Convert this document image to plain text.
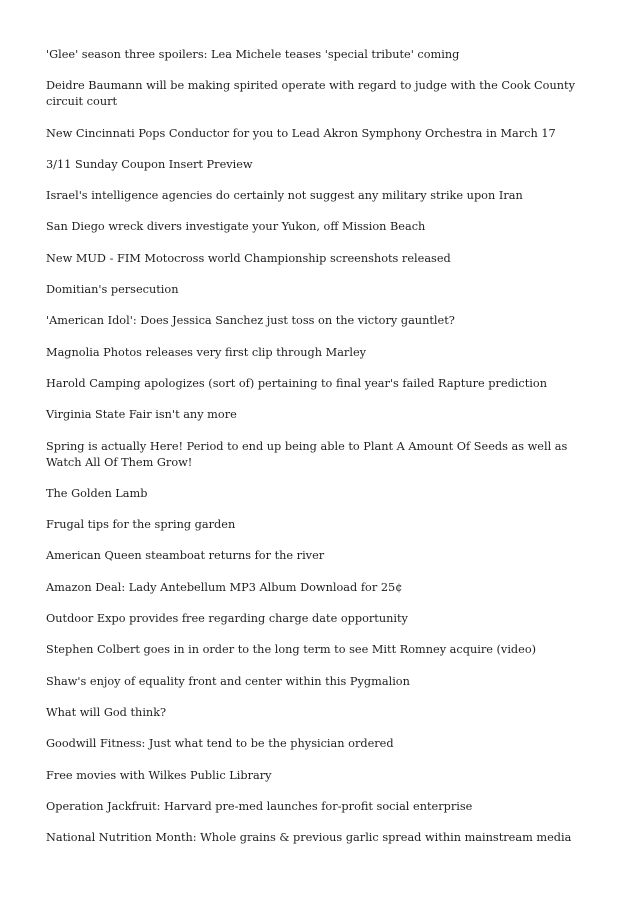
'Glee' season three spoilers: Lea Michele teases 'special tribute' coming
Deidre Baumann will be making spirited operate with regard to judge with the Cook County circuit court
New Cincinnati Pops Conductor for you to Lead Akron Symphony Orchestra in March 17
3/11 Sunday Coupon Insert Preview
Israel's intelligence agencies do certainly not suggest any military strike upon Iran
San Diego wreck divers investigate your Yukon, off Mission Beach
New MUD - FIM Motocross world Championship screenshots released
Domitian's persecution
'American Idol': Does Jessica Sanchez just toss on the victory gauntlet?
Magnolia Photos releases very first clip through Marley
Harold Camping apologizes (sort of) pertaining to final year's failed Rapture prediction
Virginia State Fair isn't any more
Spring is actually Here! Period to end up being able to Plant A Amount Of Seeds as well as Watch All Of Them Grow!
The Golden Lamb
Frugal tips for the spring garden
American Queen steamboat returns for the river
Amazon Deal: Lady Antebellum MP3 Album Download for 25¢
Outdoor Expo provides free regarding charge date opportunity
Stephen Colbert goes in in order to the long term to see Mitt Romney acquire (video)
Shaw's enjoy of equality front and center within this Pygmalion
What will God think?
Goodwill Fitness: Just what tend to be the physician ordered
Free movies with Wilkes Public Library
Operation Jackfruit: Harvard pre-med launches for-profit social enterprise
National Nutrition Month: Whole grains & previous garlic spread within mainstream media
